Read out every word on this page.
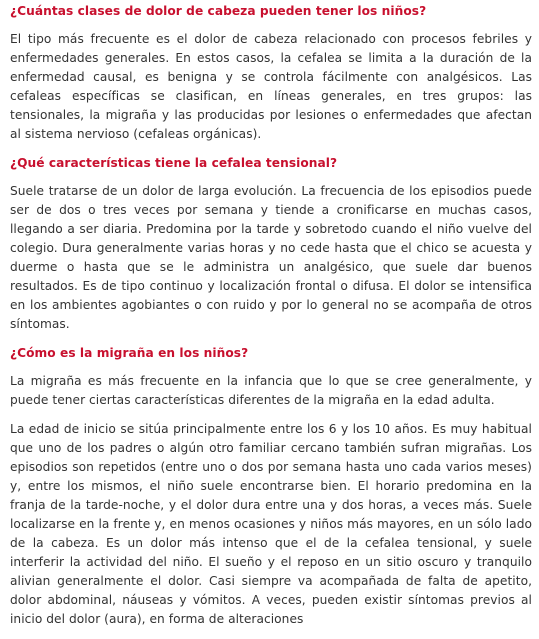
¿Cuántas clases de dolor de cabeza pueden tener los niños?

El tipo más frecuente es el dolor de cabeza relacionado con procesos febriles y enfermedades generales. En estos casos, la cefalea se limita a la duración de la enfermedad causal, es benigna y se controla fácilmente con analgésicos. Las cefaleas específicas se clasifican, en líneas generales, en tres grupos: las tensionales, la migraña y las producidas por lesiones o enfermedades que afectan al sistema nervioso (cefaleas orgánicas).

¿Qué características tiene la cefalea tensional?

Suele tratarse de un dolor de larga evolución. La frecuencia de los episodios puede ser de dos o tres veces por semana y tiende a cronificarse en muchas casos, llegando a ser diaria. Predomina por la tarde y sobretodo cuando el niño vuelve del colegio. Dura generalmente varias horas y no cede hasta que el chico se acuesta y duerme o hasta que se le administra un analgésico, que suele dar buenos resultados. Es de tipo continuo y localización frontal o difusa. El dolor se intensifica en los ambientes agobiantes o con ruido y por lo general no se acompaña de otros síntomas.

¿Cómo es la migraña en los niños?

La migraña es más frecuente en la infancia que lo que se cree generalmente, y puede tener ciertas características diferentes de la migraña en la edad adulta.

La edad de inicio se sitúa principalmente entre los 6 y los 10 años. Es muy habitual que uno de los padres o algún otro familiar cercano también sufran migrañas. Los episodios son repetidos (entre uno o dos por semana hasta uno cada varios meses) y, entre los mismos, el niño suele encontrarse bien. El horario predomina en la franja de la tarde-noche, y el dolor dura entre una y dos horas, a veces más. Suele localizarse en la frente y, en menos ocasiones y niños más mayores, en un sólo lado de la cabeza. Es un dolor más intenso que el de la cefalea tensional, y suele interferir la actividad del niño. El sueño y el reposo en un sitio oscuro y tranquilo alivian generalmente el dolor. Casi siempre va acompañada de falta de apetito, dolor abdominal, náuseas y vómitos. A veces, pueden existir síntomas previos al inicio del dolor (aura), en forma de alteraciones
